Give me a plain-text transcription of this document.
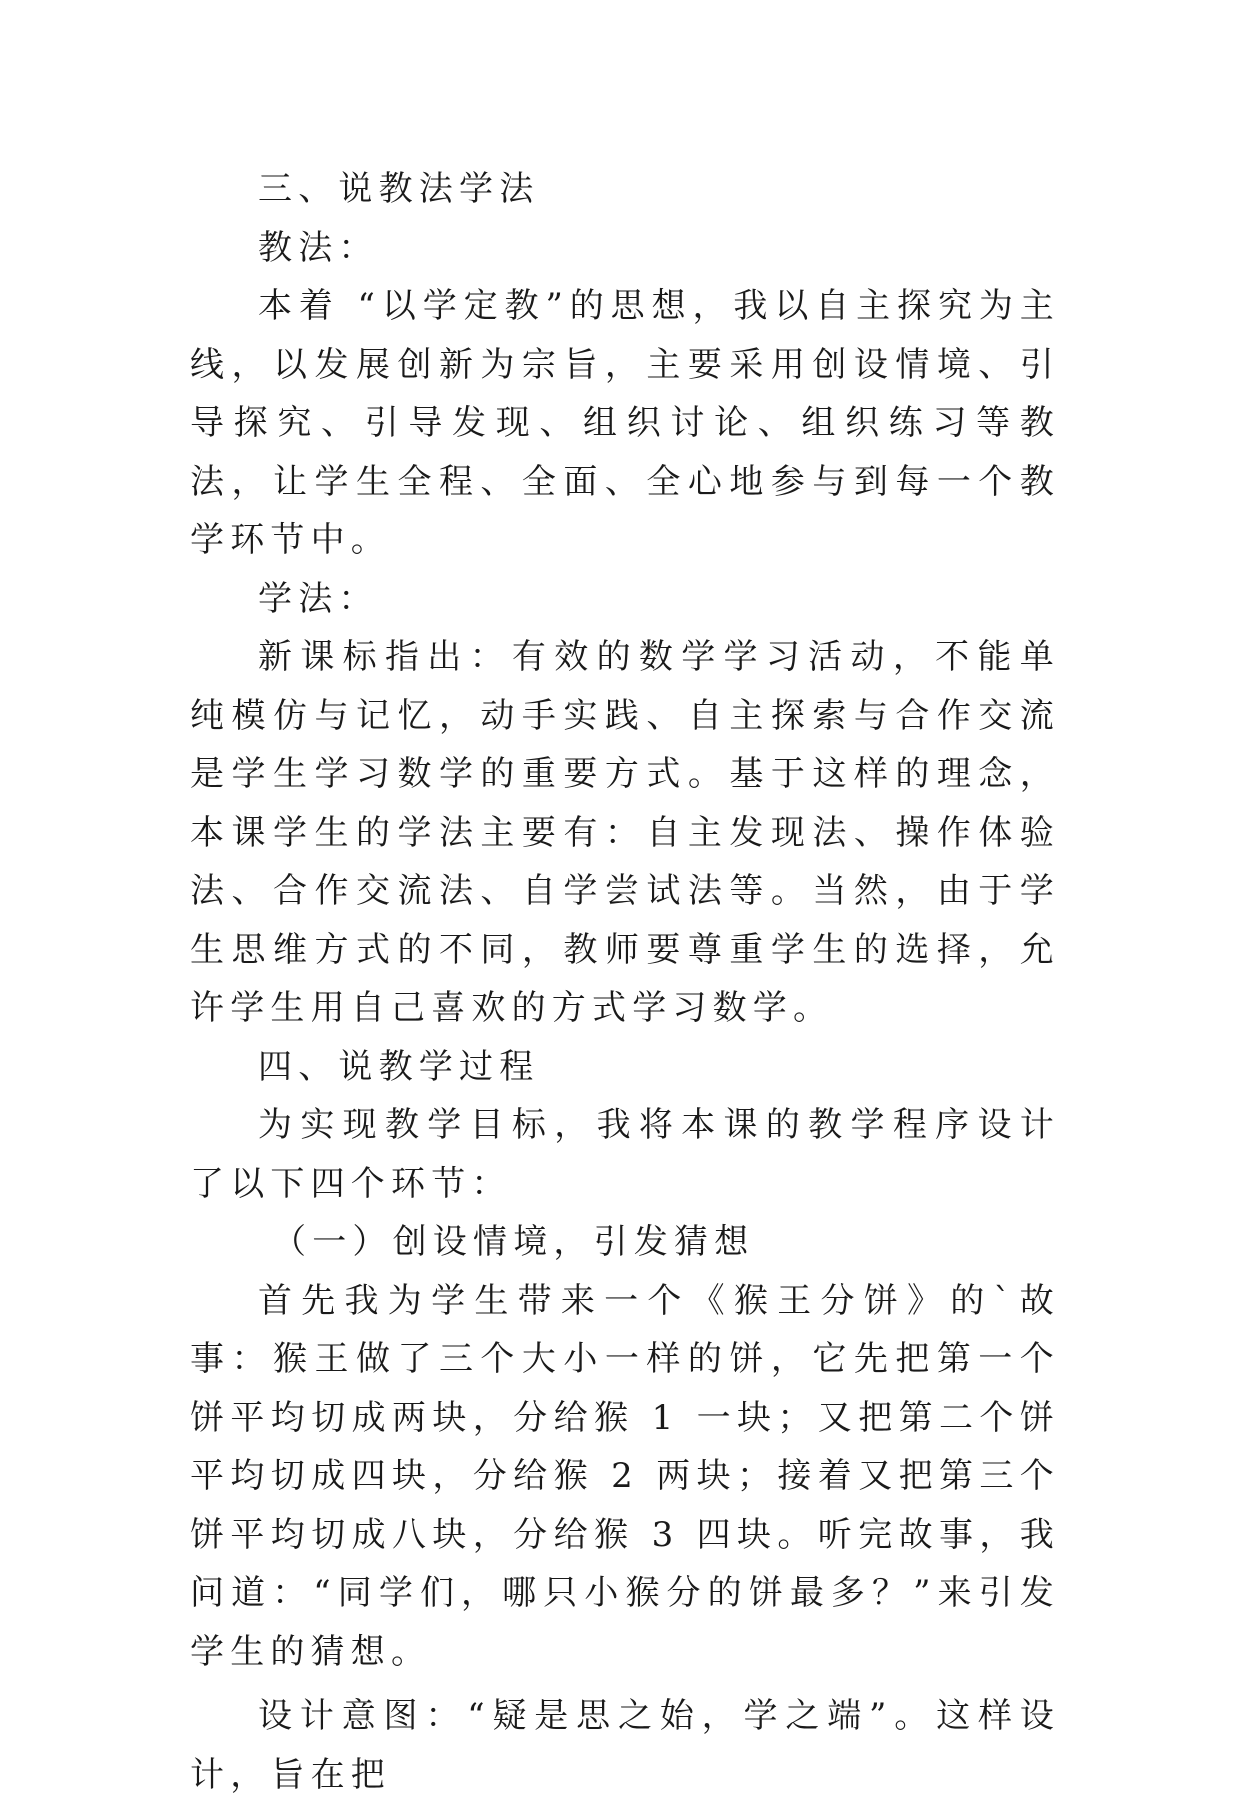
三、说教法学法

教法：

本着 “以学定教”的思想，我以自主探究为主线，以发展创新为宗旨，主要采用创设情境、引导探究、引导发现、组织讨论、组织练习等教法，让学生全程、全面、全心地参与到每一个教学环节中。

学法：

新课标指出：有效的数学学习活动，不能单纯模仿与记忆，动手实践、自主探索与合作交流是学生学习数学的重要方式。基于这样的理念，本课学生的学法主要有：自主发现法、操作体验法、合作交流法、自学尝试法等。当然，由于学生思维方式的不同，教师要尊重学生的选择，允许学生用自己喜欢的方式学习数学。

四、说教学过程

为实现教学目标，我将本课的教学程序设计了以下四个环节：

（一）创设情境，引发猜想

首先我为学生带来一个《猴王分饼》的`故事：猴王做了三个大小一样的饼，它先把第一个饼平均切成两块，分给猴 1 一块；又把第二个饼平均切成四块，分给猴 2 两块；接着又把第三个饼平均切成八块，分给猴 3 四块。听完故事，我问道：“同学们，哪只小猴分的饼最多？”来引发学生的猜想。

设计意图：“疑是思之始，学之端”。这样设计，旨在把
